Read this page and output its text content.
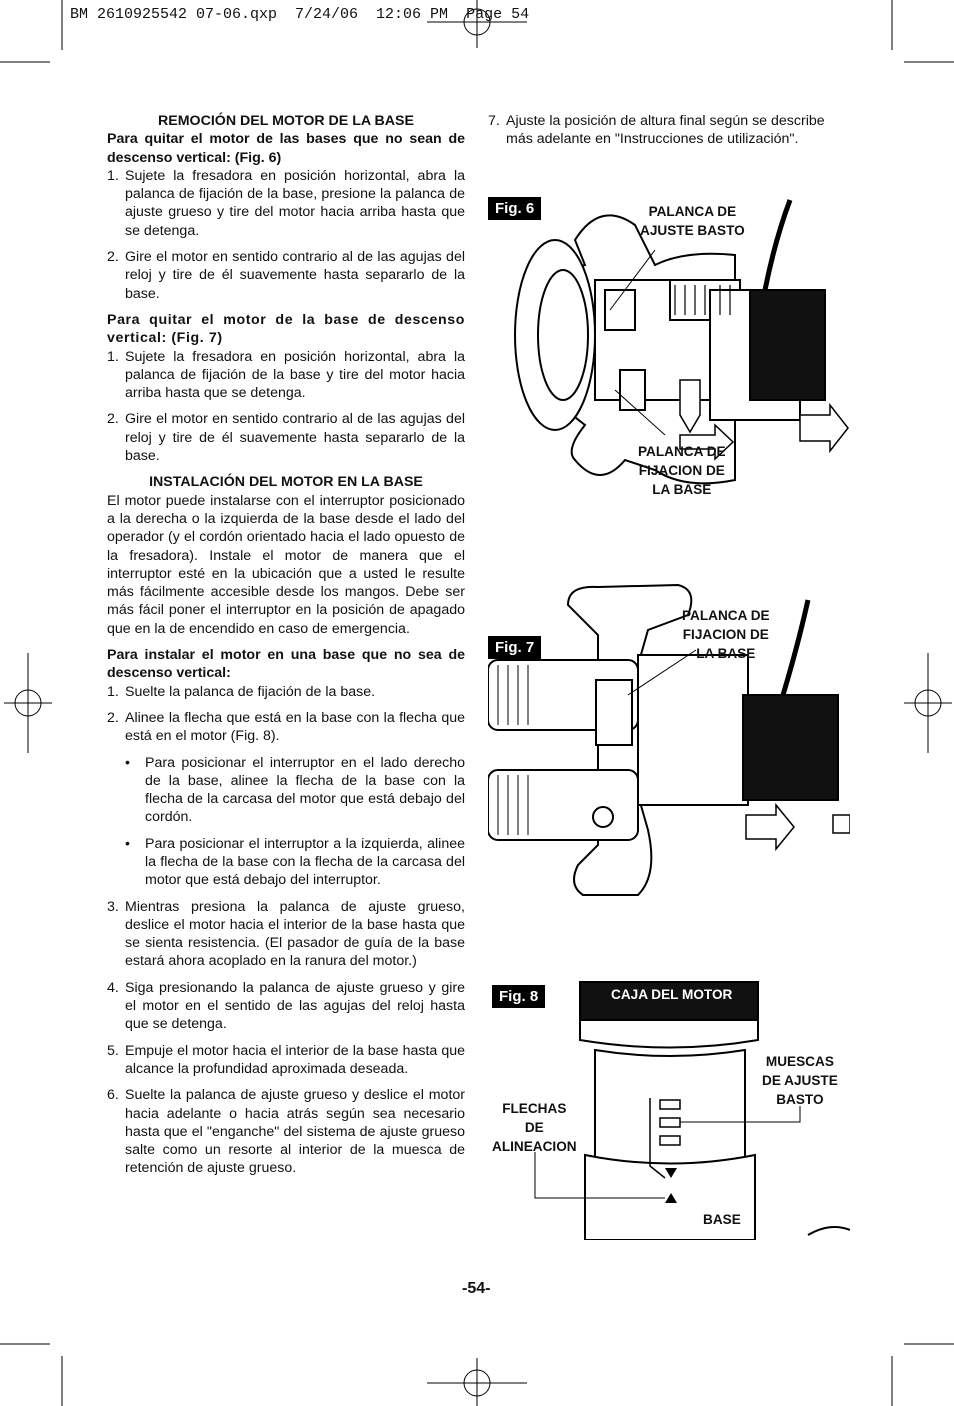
BM 2610925542 07-06.qxp  7/24/06  12:06 PM  Page 54

REMOCIÓN DEL MOTOR DE LA BASE

Para quitar el motor de las bases que no sean de descenso vertical: (Fig. 6)

1. Sujete la fresadora en posición horizontal, abra la palanca de fijación de la base, presione la palanca de ajuste grueso y tire del motor hacia arriba hasta que se detenga.
2. Gire el motor en sentido contrario al de las agujas del reloj y tire de él suavemente hasta separarlo de la base.

Para quitar el motor de la base de descenso vertical: (Fig. 7)

1. Sujete la fresadora en posición horizontal, abra la palanca de fijación de la base y tire del motor hacia arriba hasta que se detenga.
2. Gire el motor en sentido contrario al de las agujas del reloj y tire de él suavemente hasta separarlo de la base.

INSTALACIÓN DEL MOTOR EN LA BASE

El motor puede instalarse con el interruptor posicionado a la derecha o la izquierda de la base desde el lado del operador (y el cordón orientado hacia el lado opuesto de la fresadora). Instale el motor de manera que el interruptor esté en la ubicación que a usted le resulte más fácilmente accesible desde los mangos. Debe ser más fácil poner el interruptor en la posición de apagado que en la de encendido en caso de emergencia.

Para instalar el motor en una base que no sea de descenso vertical:

1. Suelte la palanca de fijación de la base.
2. Alinee la flecha que está en la base con la flecha que está en el motor (Fig. 8).
•	Para posicionar el interruptor en el lado derecho de la base, alinee la flecha de la base con la flecha de la carcasa del motor que está debajo del cordón.
•	Para posicionar el interruptor a la izquierda, alinee la flecha de la base con la flecha de la carcasa del motor que está debajo del interruptor.
3. Mientras presiona la palanca de ajuste grueso, deslice el motor hacia el interior de la base hasta que se sienta resistencia. (El pasador de guía de la base estará ahora acoplado en la ranura del motor.)
4. Siga presionando la palanca de ajuste grueso y gire el motor en el sentido de las agujas del reloj hasta que se detenga.
5. Empuje el motor hacia el interior de la base hasta que alcance la profundidad aproximada deseada.
6. Suelte la palanca de ajuste grueso y deslice el motor hacia adelante o hacia atrás según sea necesario hasta que el "enganche" del sistema de ajuste grueso salte como un resorte al interior de la muesca de retención de ajuste grueso.
7. Ajuste la posición de altura final según se describe más adelante en "Instrucciones de utilización".
Fig. 6	PALANCA DE
AJUSTE BASTO
PALANCA DE
FIJACION DE
LA BASE
Fig. 7
PALANCA DE
FIJACION DE
LA BASE
Fig. 8	CAJA DEL MOTOR
MUESCAS
DE AJUSTE
BASTO
FLECHAS
DE
ALINEACION
BASE
-54-
